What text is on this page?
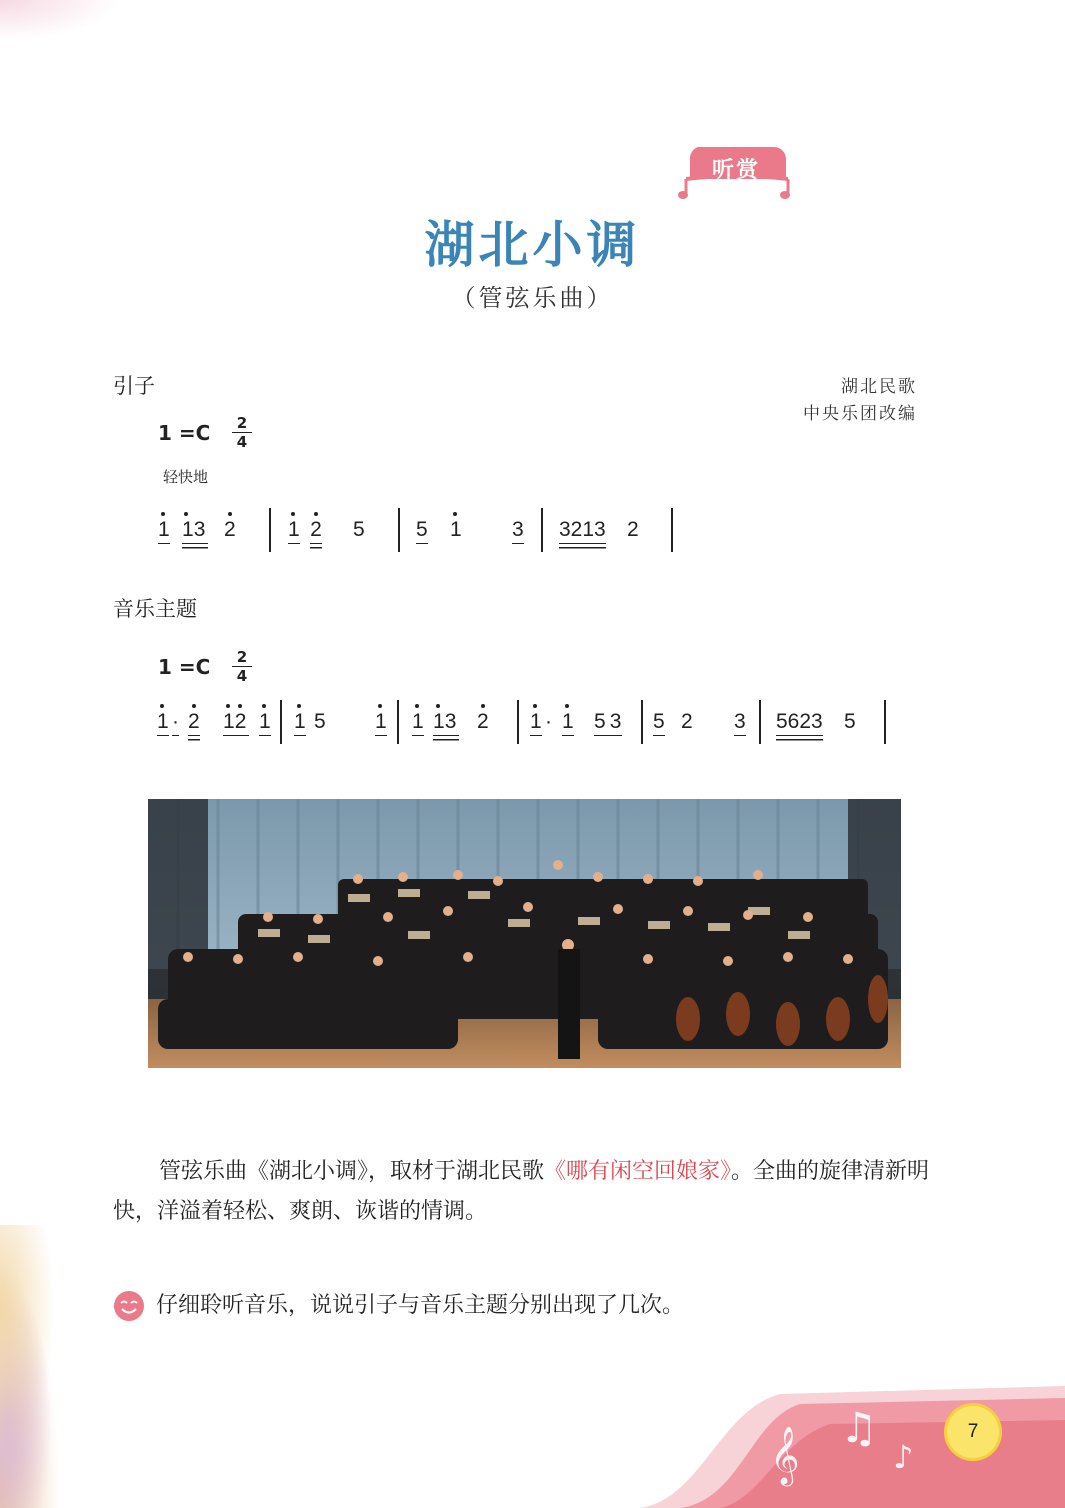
听赏
湖北小调
（管弦乐曲）
引子	湖北民歌
中央乐团改编
1 =C	2
4
轻快地
1 13 2 1 2 5 5 1 3 3213 2
音乐主题
1 =C	2
4
1 · 2 12 1 1 5 1 1 13 2 1 · 1 53 5 2 3 5623 5
管弦乐曲《湖北小调》，取材于湖北民歌《哪有闲空回娘家》。全曲的旋律清新明快，洋溢着轻松、爽朗、诙谐的情调。
仔细聆听音乐，说说引子与音乐主题分别出现了几次。
𝄞 ♫
♪
7
